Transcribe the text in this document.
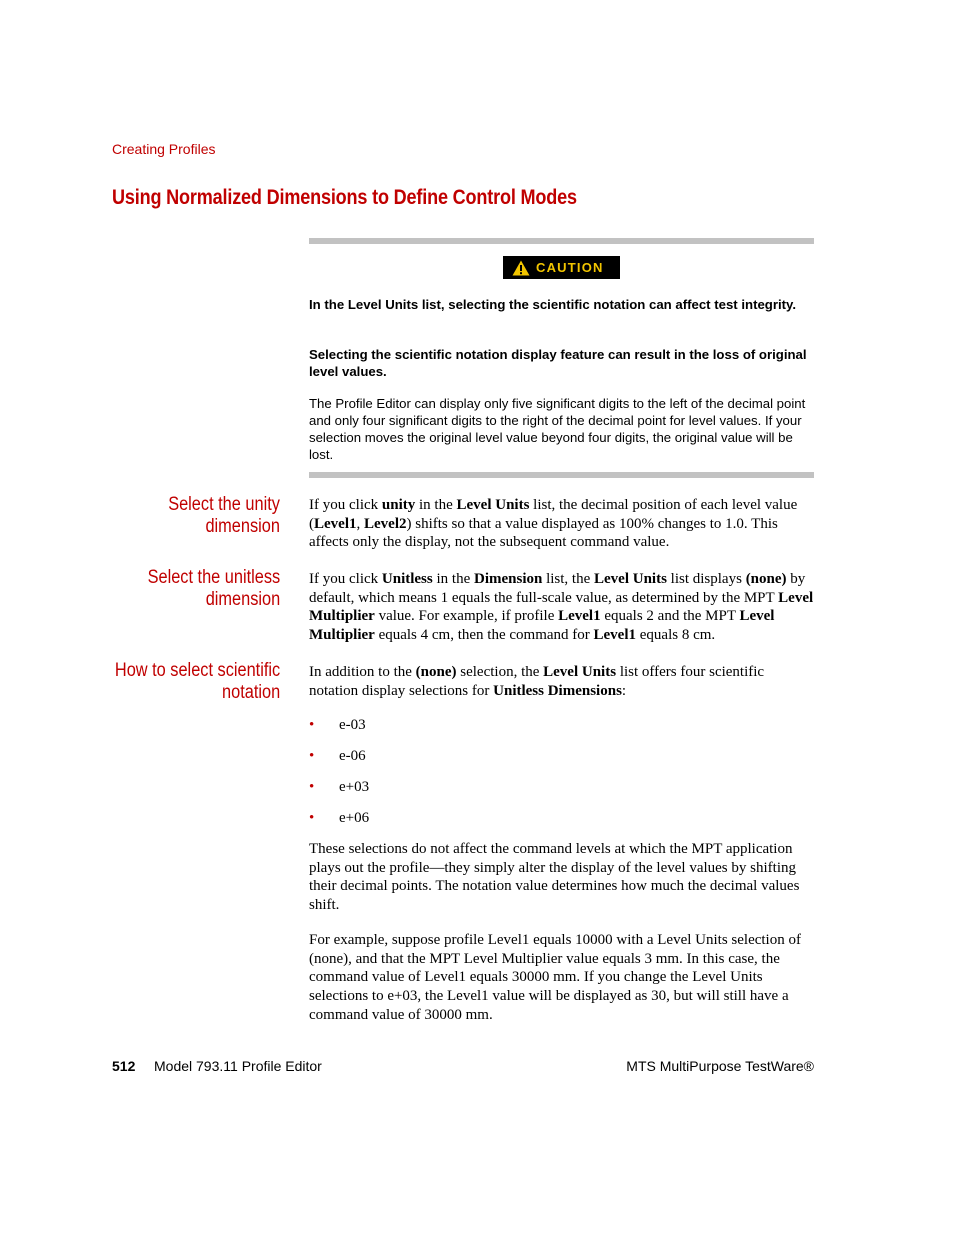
Creating Profiles
Using Normalized Dimensions to Define Control Modes
CAUTION

In the Level Units list, selecting the scientific notation can affect test integrity.

Selecting the scientific notation display feature can result in the loss of original level values.

The Profile Editor can display only five significant digits to the left of the decimal point and only four significant digits to the right of the decimal point for level values. If your selection moves the original level value beyond four digits, the original value will be lost.

Select the unity
dimension

If you click unity in the Level Units list, the decimal position of each level value (Level1, Level2) shifts so that a value displayed as 100% changes to 1.0. This affects only the display, not the subsequent command value.

Select the unitless
dimension

If you click Unitless in the Dimension list, the Level Units list displays (none) by default, which means 1 equals the full-scale value, as determined by the MPT Level Multiplier value. For example, if profile Level1 equals 2 and the MPT Level Multiplier equals 4 cm, then the command for Level1 equals 8 cm.

How to select scientific
notation

In addition to the (none) selection, the Level Units list offers four scientific notation display selections for Unitless Dimensions:

• e-03
• e-06
• e+03
• e+06

These selections do not affect the command levels at which the MPT application plays out the profile—they simply alter the display of the level values by shifting their decimal points. The notation value determines how much the decimal values shift.

For example, suppose profile Level1 equals 10000 with a Level Units selection of (none), and that the MPT Level Multiplier value equals 3 mm. In this case, the command value of Level1 equals 30000 mm. If you change the Level Units selections to e+03, the Level1 value will be displayed as 30, but will still have a command value of 30000 mm.

512 Model 793.11 Profile Editor	MTS MultiPurpose TestWare®
